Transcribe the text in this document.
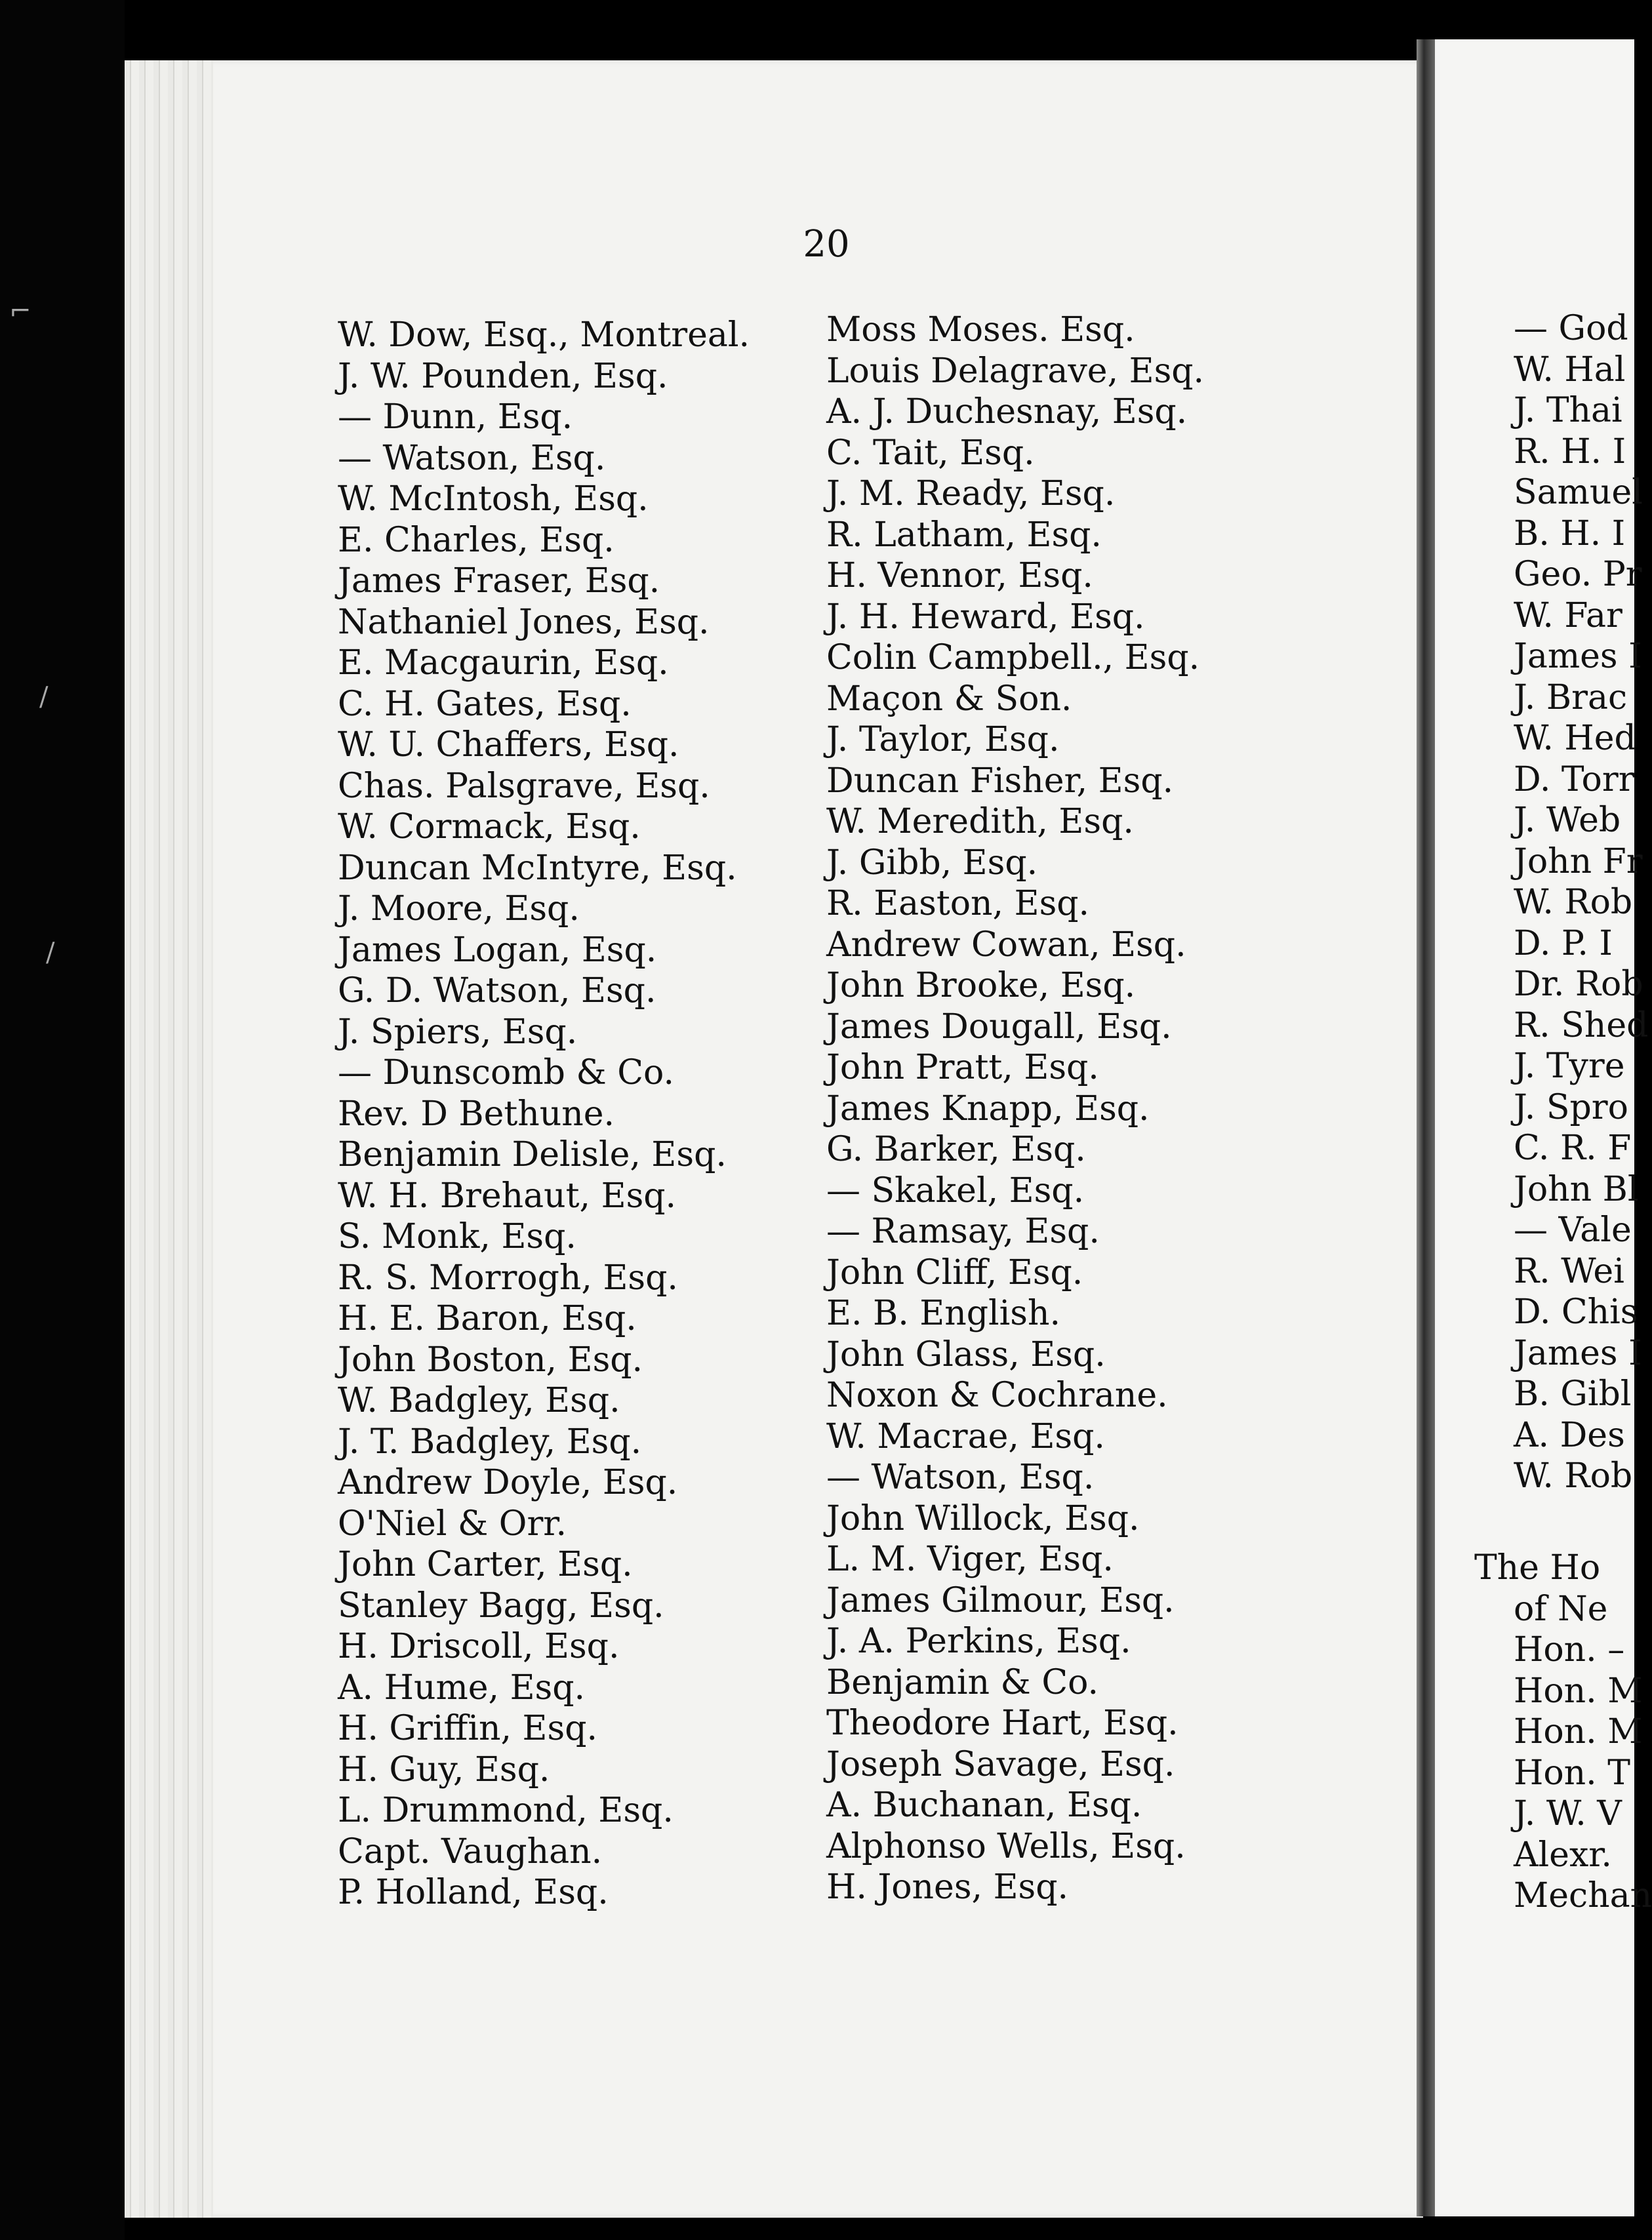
⌐
/
/
20
W. Dow, Esq., Montreal.
J. W. Pounden, Esq.
— Dunn, Esq.
— Watson, Esq.
W. McIntosh, Esq.
E. Charles, Esq.
James Fraser, Esq.
Nathaniel Jones, Esq.
E. Macgaurin, Esq.
C. H. Gates, Esq.
W. U. Chaffers, Esq.
Chas. Palsgrave, Esq.
W. Cormack, Esq.
Duncan McIntyre, Esq.
J. Moore, Esq.
James Logan, Esq.
G. D. Watson, Esq.
J. Spiers, Esq.
— Dunscomb & Co.
Rev. D Bethune.
Benjamin Delisle, Esq.
W. H. Brehaut, Esq.
S. Monk, Esq.
R. S. Morrogh, Esq.
H. E. Baron, Esq.
John Boston, Esq.
W. Badgley, Esq.
J. T. Badgley, Esq.
Andrew Doyle, Esq.
O'Niel & Orr.
John Carter, Esq.
Stanley Bagg, Esq.
H. Driscoll, Esq.
A. Hume, Esq.
H. Griffin, Esq.
H. Guy, Esq.
L. Drummond, Esq.
Capt. Vaughan.
P. Holland, Esq.
Moss Moses. Esq.
Louis Delagrave, Esq.
A. J. Duchesnay, Esq.
C. Tait, Esq.
J. M. Ready, Esq.
R. Latham, Esq.
H. Vennor, Esq.
J. H. Heward, Esq.
Colin Campbell., Esq.
Maçon & Son.
J. Taylor, Esq.
Duncan Fisher, Esq.
W. Meredith, Esq.
J. Gibb, Esq.
R. Easton, Esq.
Andrew Cowan, Esq.
John Brooke, Esq.
James Dougall, Esq.
John Pratt, Esq.
James Knapp, Esq.
G. Barker, Esq.
— Skakel, Esq.
— Ramsay, Esq.
John Cliff, Esq.
E. B. English.
John Glass, Esq.
Noxon & Cochrane.
W. Macrae, Esq.
— Watson, Esq.
John Willock, Esq.
L. M. Viger, Esq.
James Gilmour, Esq.
J. A. Perkins, Esq.
Benjamin & Co.
Theodore Hart, Esq.
Joseph Savage, Esq.
A. Buchanan, Esq.
Alphonso Wells, Esq.
H. Jones, Esq.
— God
W. Hal
J. Thai
R. H. I
Samuel
B. H. I
Geo. Pr
W. Far
James I
J. Brac
W. Hed
D. Torr
J. Web
John Fr
W. Rob
D. P. I
Dr. Rob
R. Shed
J. Tyre
J. Spro
C. R. F
John Bl
— Vale
R. Wei
D. Chis
James I
B. Gibl
A. Des
W. Rob
The Ho
of Ne
Hon. –
Hon. M
Hon. M
Hon. T
J. W. V
Alexr.
Mechan
